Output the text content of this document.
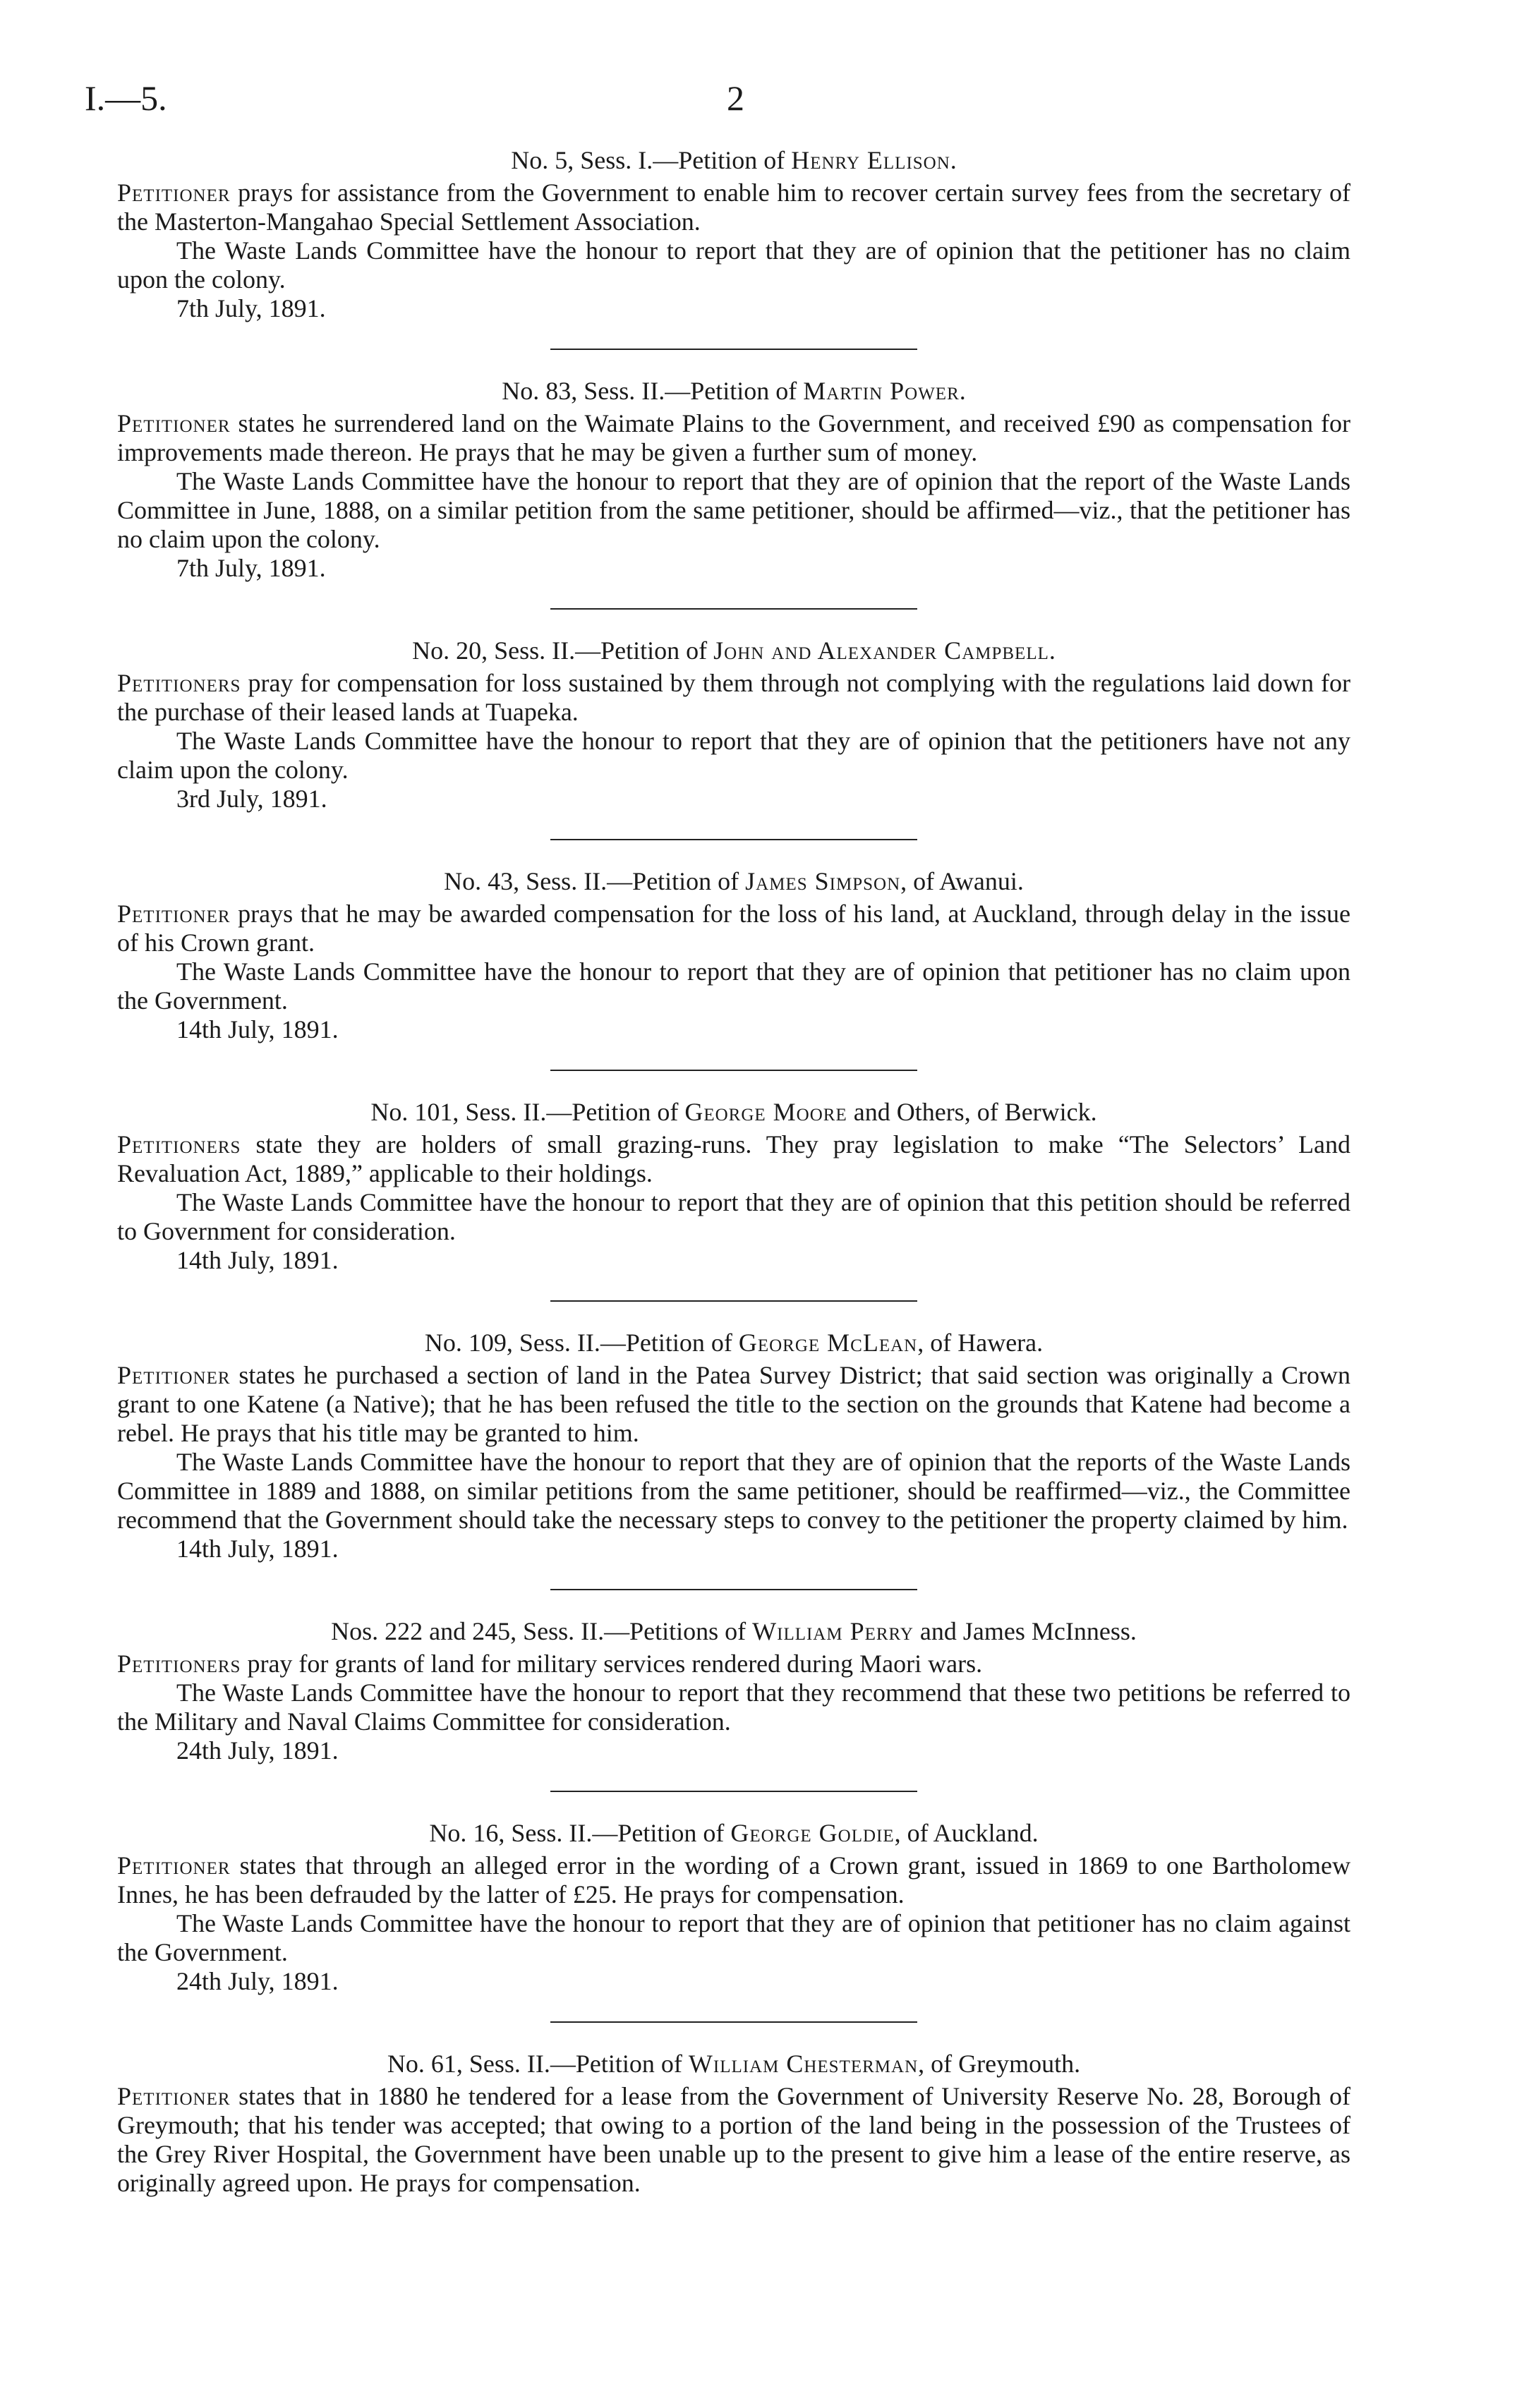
I.—5.	2
No. 5, Sess. I.—Petition of Henry Ellison.

Petitioner prays for assistance from the Government to enable him to recover certain survey fees from the secretary of the Masterton-Mangahao Special Settlement Association.

The Waste Lands Committee have the honour to report that they are of opinion that the petitioner has no claim upon the colony.

7th July, 1891.
No. 83, Sess. II.—Petition of Martin Power.

Petitioner states he surrendered land on the Waimate Plains to the Government, and received £90 as compensation for improvements made thereon. He prays that he may be given a further sum of money.

The Waste Lands Committee have the honour to report that they are of opinion that the report of the Waste Lands Committee in June, 1888, on a similar petition from the same petitioner, should be affirmed—viz., that the petitioner has no claim upon the colony.

7th July, 1891.
No. 20, Sess. II.—Petition of John and Alexander Campbell.

Petitioners pray for compensation for loss sustained by them through not complying with the regulations laid down for the purchase of their leased lands at Tuapeka.

The Waste Lands Committee have the honour to report that they are of opinion that the petitioners have not any claim upon the colony.

3rd July, 1891.
No. 43, Sess. II.—Petition of James Simpson, of Awanui.

Petitioner prays that he may be awarded compensation for the loss of his land, at Auckland, through delay in the issue of his Crown grant.

The Waste Lands Committee have the honour to report that they are of opinion that petitioner has no claim upon the Government.

14th July, 1891.
No. 101, Sess. II.—Petition of George Moore and Others, of Berwick.

Petitioners state they are holders of small grazing-runs. They pray legislation to make “The Selectors’ Land Revaluation Act, 1889,” applicable to their holdings.

The Waste Lands Committee have the honour to report that they are of opinion that this petition should be referred to Government for consideration.

14th July, 1891.
No. 109, Sess. II.—Petition of George McLean, of Hawera.

Petitioner states he purchased a section of land in the Patea Survey District; that said section was originally a Crown grant to one Katene (a Native); that he has been refused the title to the section on the grounds that Katene had become a rebel. He prays that his title may be granted to him.

The Waste Lands Committee have the honour to report that they are of opinion that the reports of the Waste Lands Committee in 1889 and 1888, on similar petitions from the same petitioner, should be reaffirmed—viz., the Committee recommend that the Government should take the necessary steps to convey to the petitioner the property claimed by him.

14th July, 1891.
Nos. 222 and 245, Sess. II.—Petitions of William Perry and James McInness.

Petitioners pray for grants of land for military services rendered during Maori wars.

The Waste Lands Committee have the honour to report that they recommend that these two petitions be referred to the Military and Naval Claims Committee for consideration.

24th July, 1891.
No. 16, Sess. II.—Petition of George Goldie, of Auckland.

Petitioner states that through an alleged error in the wording of a Crown grant, issued in 1869 to one Bartholomew Innes, he has been defrauded by the latter of £25. He prays for compensation.

The Waste Lands Committee have the honour to report that they are of opinion that petitioner has no claim against the Government.

24th July, 1891.
No. 61, Sess. II.—Petition of William Chesterman, of Greymouth.

Petitioner states that in 1880 he tendered for a lease from the Government of University Reserve No. 28, Borough of Greymouth; that his tender was accepted; that owing to a portion of the land being in the possession of the Trustees of the Grey River Hospital, the Government have been unable up to the present to give him a lease of the entire reserve, as originally agreed upon. He prays for compensation.
